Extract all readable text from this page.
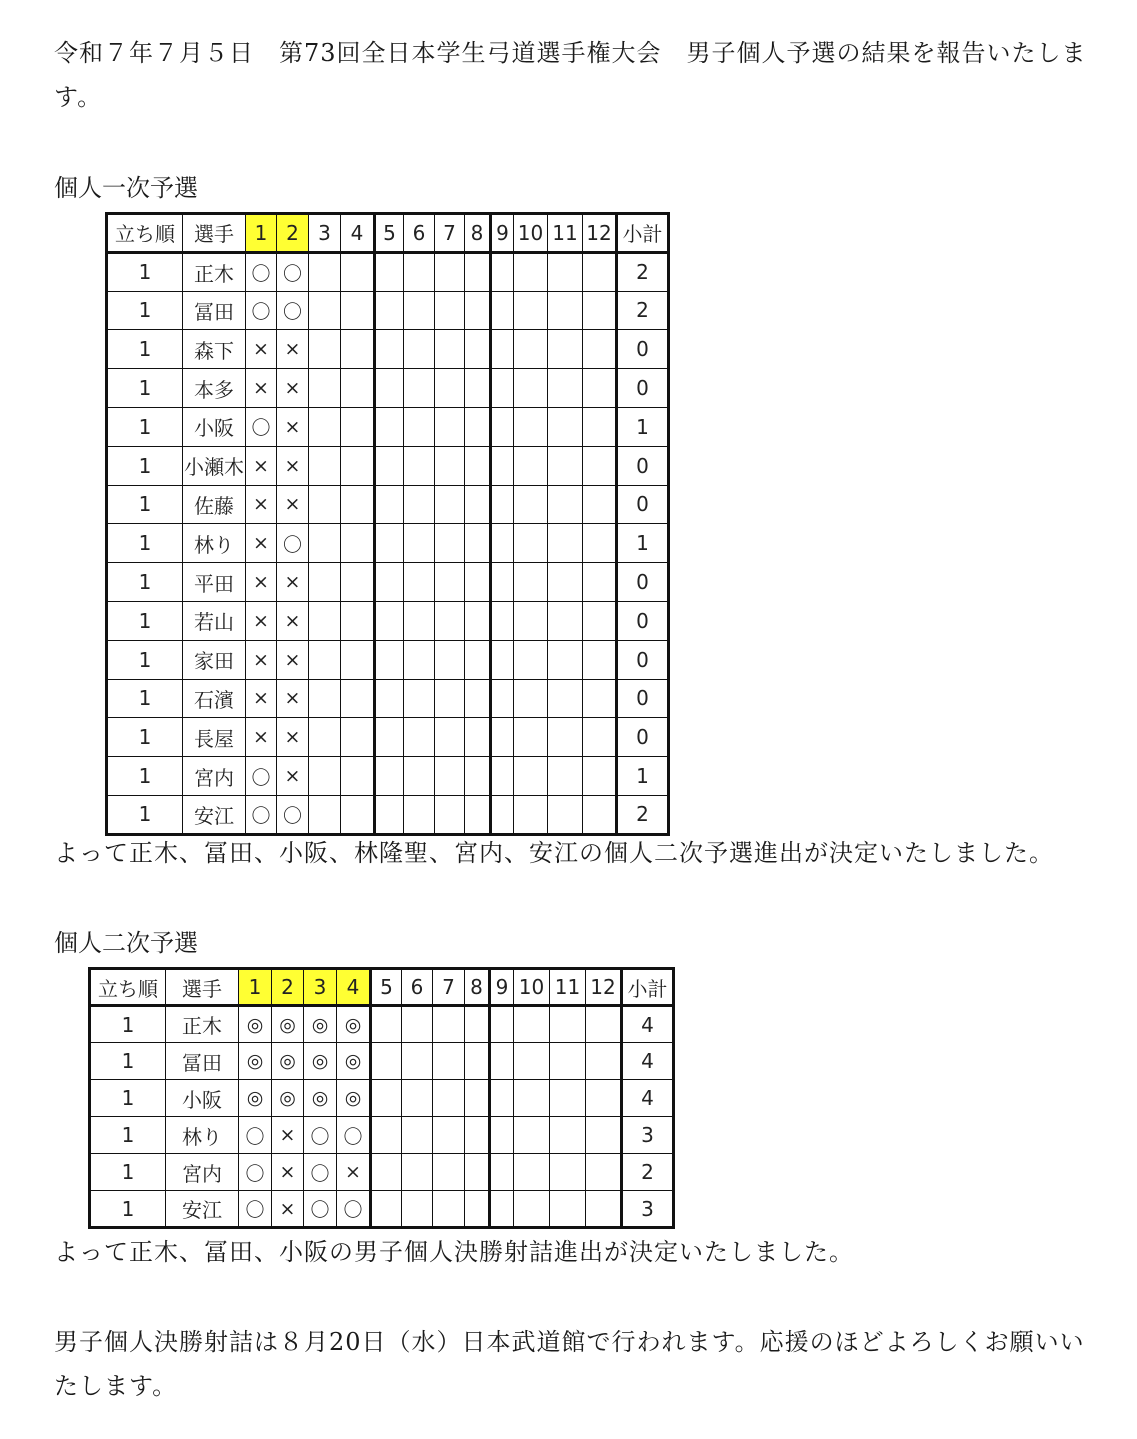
令和７年７月５日　第73回全日本学生弓道選手権大会　男子個人予選の結果を報告いたします。

個人一次予選

立ち順	選手	1	2	3	4	5	6	7	8	9	10	11	12	小計
1	正木	〇	〇											2
1	冨田	〇	〇											2
1	森下	×	×											0
1	本多	×	×											0
1	小阪	〇	×											1
1	小瀬木	×	×											0
1	佐藤	×	×											0
1	林り	×	〇											1
1	平田	×	×											0
1	若山	×	×											0
1	家田	×	×											0
1	石濱	×	×											0
1	長屋	×	×											0
1	宮内	〇	×											1
1	安江	〇	〇											2

よって正木、冨田、小阪、林隆聖、宮内、安江の個人二次予選進出が決定いたしました。

個人二次予選

立ち順	選手	1	2	3	4	5	6	7	8	9	10	11	12	小計
1	正木	◎	◎	◎	◎									4
1	冨田	◎	◎	◎	◎									4
1	小阪	◎	◎	◎	◎									4
1	林り	〇	×	〇	〇									3
1	宮内	〇	×	〇	×									2
1	安江	〇	×	〇	〇									3

よって正木、冨田、小阪の男子個人決勝射詰進出が決定いたしました。

男子個人決勝射詰は８月20日（水）日本武道館で行われます。応援のほどよろしくお願いいたします。
